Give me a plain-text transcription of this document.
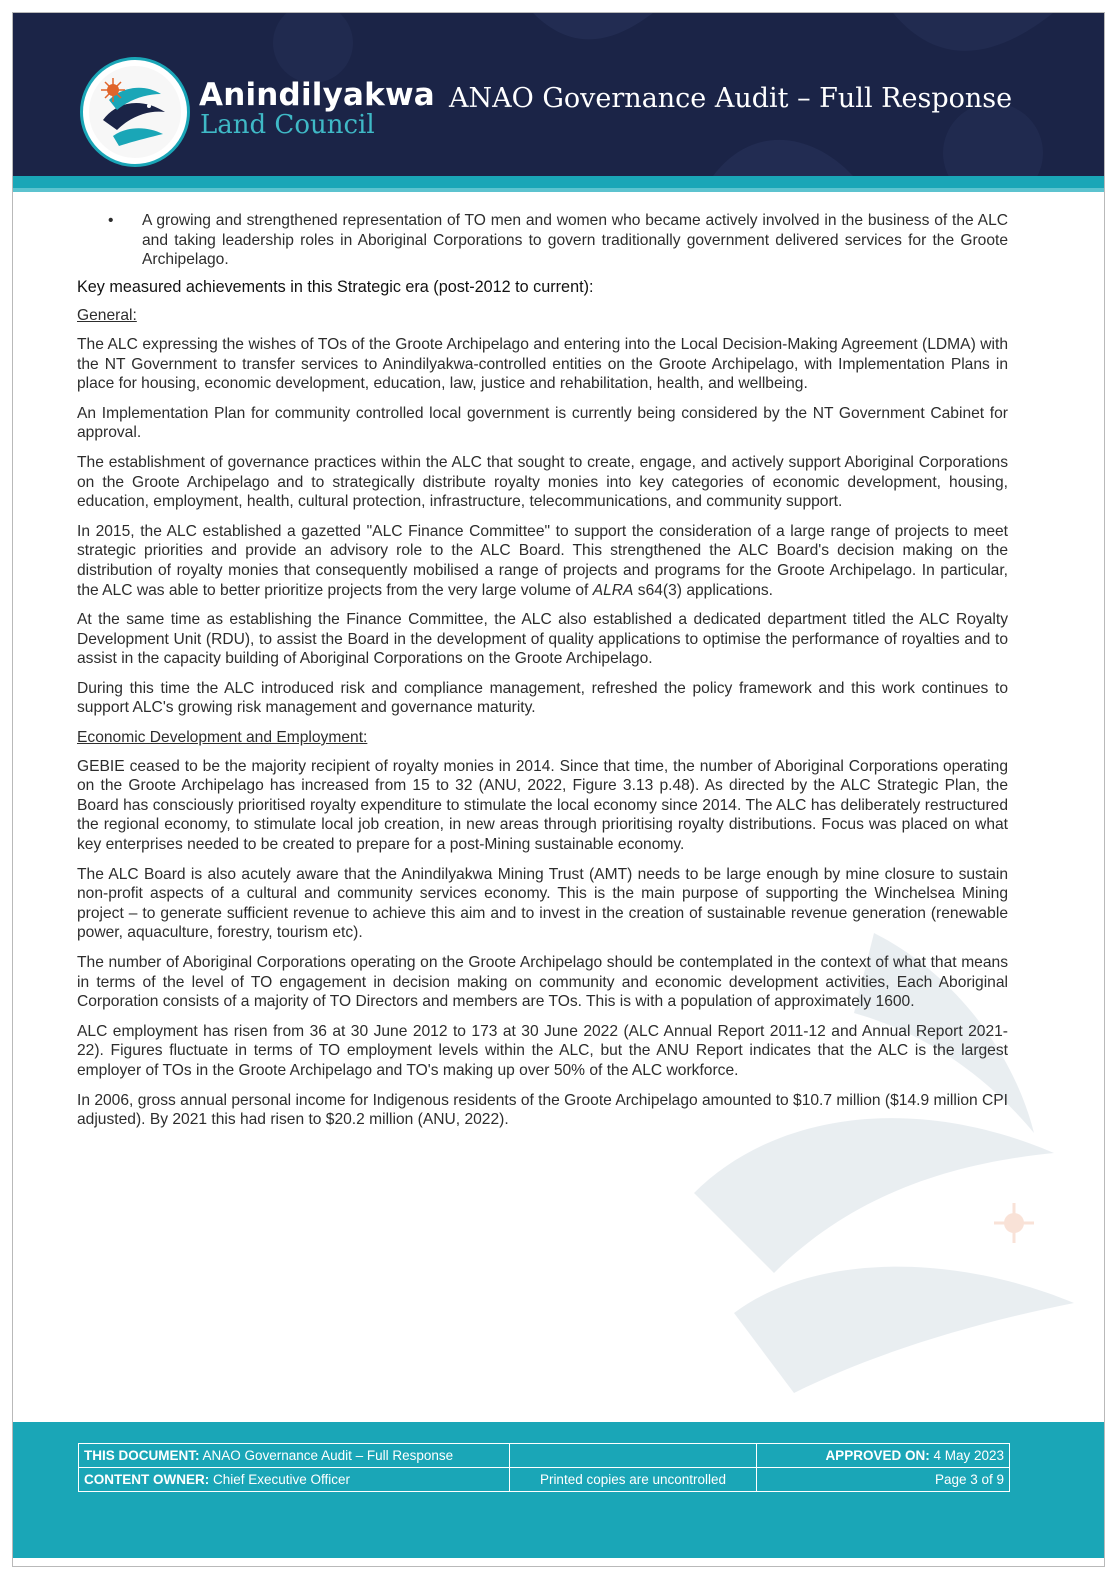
Anindilyakwa
Land Council
ANAO Governance Audit – Full Response
• A growing and strengthened representation of TO men and women who became actively involved in the business of the ALC and taking leadership roles in Aboriginal Corporations to govern traditionally government delivered services for the Groote Archipelago.

Key measured achievements in this Strategic era (post-2012 to current):

General:

The ALC expressing the wishes of TOs of the Groote Archipelago and entering into the Local Decision-Making Agreement (LDMA) with the NT Government to transfer services to Anindilyakwa-controlled entities on the Groote Archipelago, with Implementation Plans in place for housing, economic development, education, law, justice and rehabilitation, health, and wellbeing.

An Implementation Plan for community controlled local government is currently being considered by the NT Government Cabinet for approval.

The establishment of governance practices within the ALC that sought to create, engage, and actively support Aboriginal Corporations on the Groote Archipelago and to strategically distribute royalty monies into key categories of economic development, housing, education, employment, health, cultural protection, infrastructure, telecommunications, and community support.

In 2015, the ALC established a gazetted "ALC Finance Committee" to support the consideration of a large range of projects to meet strategic priorities and provide an advisory role to the ALC Board. This strengthened the ALC Board's decision making on the distribution of royalty monies that consequently mobilised a range of projects and programs for the Groote Archipelago. In particular, the ALC was able to better prioritize projects from the very large volume of ALRA s64(3) applications.

At the same time as establishing the Finance Committee, the ALC also established a dedicated department titled the ALC Royalty Development Unit (RDU), to assist the Board in the development of quality applications to optimise the performance of royalties and to assist in the capacity building of Aboriginal Corporations on the Groote Archipelago.

During this time the ALC introduced risk and compliance management, refreshed the policy framework and this work continues to support ALC's growing risk management and governance maturity.

Economic Development and Employment:

GEBIE ceased to be the majority recipient of royalty monies in 2014. Since that time, the number of Aboriginal Corporations operating on the Groote Archipelago has increased from 15 to 32 (ANU, 2022, Figure 3.13 p.48). As directed by the ALC Strategic Plan, the Board has consciously prioritised royalty expenditure to stimulate the local economy since 2014. The ALC has deliberately restructured the regional economy, to stimulate local job creation, in new areas through prioritising royalty distributions. Focus was placed on what key enterprises needed to be created to prepare for a post-Mining sustainable economy.

The ALC Board is also acutely aware that the Anindilyakwa Mining Trust (AMT) needs to be large enough by mine closure to sustain non-profit aspects of a cultural and community services economy. This is the main purpose of supporting the Winchelsea Mining project – to generate sufficient revenue to achieve this aim and to invest in the creation of sustainable revenue generation (renewable power, aquaculture, forestry, tourism etc).

The number of Aboriginal Corporations operating on the Groote Archipelago should be contemplated in the context of what that means in terms of the level of TO engagement in decision making on community and economic development activities, Each Aboriginal Corporation consists of a majority of TO Directors and members are TOs. This is with a population of approximately 1600.

ALC employment has risen from 36 at 30 June 2012 to 173 at 30 June 2022 (ALC Annual Report 2011-12 and Annual Report 2021-22). Figures fluctuate in terms of TO employment levels within the ALC, but the ANU Report indicates that the ALC is the largest employer of TOs in the Groote Archipelago and TO's making up over 50% of the ALC workforce.

In 2006, gross annual personal income for Indigenous residents of the Groote Archipelago amounted to $10.7 million ($14.9 million CPI adjusted). By 2021 this had risen to $20.2 million (ANU, 2022).

THIS DOCUMENT: ANAO Governance Audit – Full Response		APPROVED ON: 4 May 2023
CONTENT OWNER: Chief Executive Officer	Printed copies are uncontrolled	Page 3 of 9
